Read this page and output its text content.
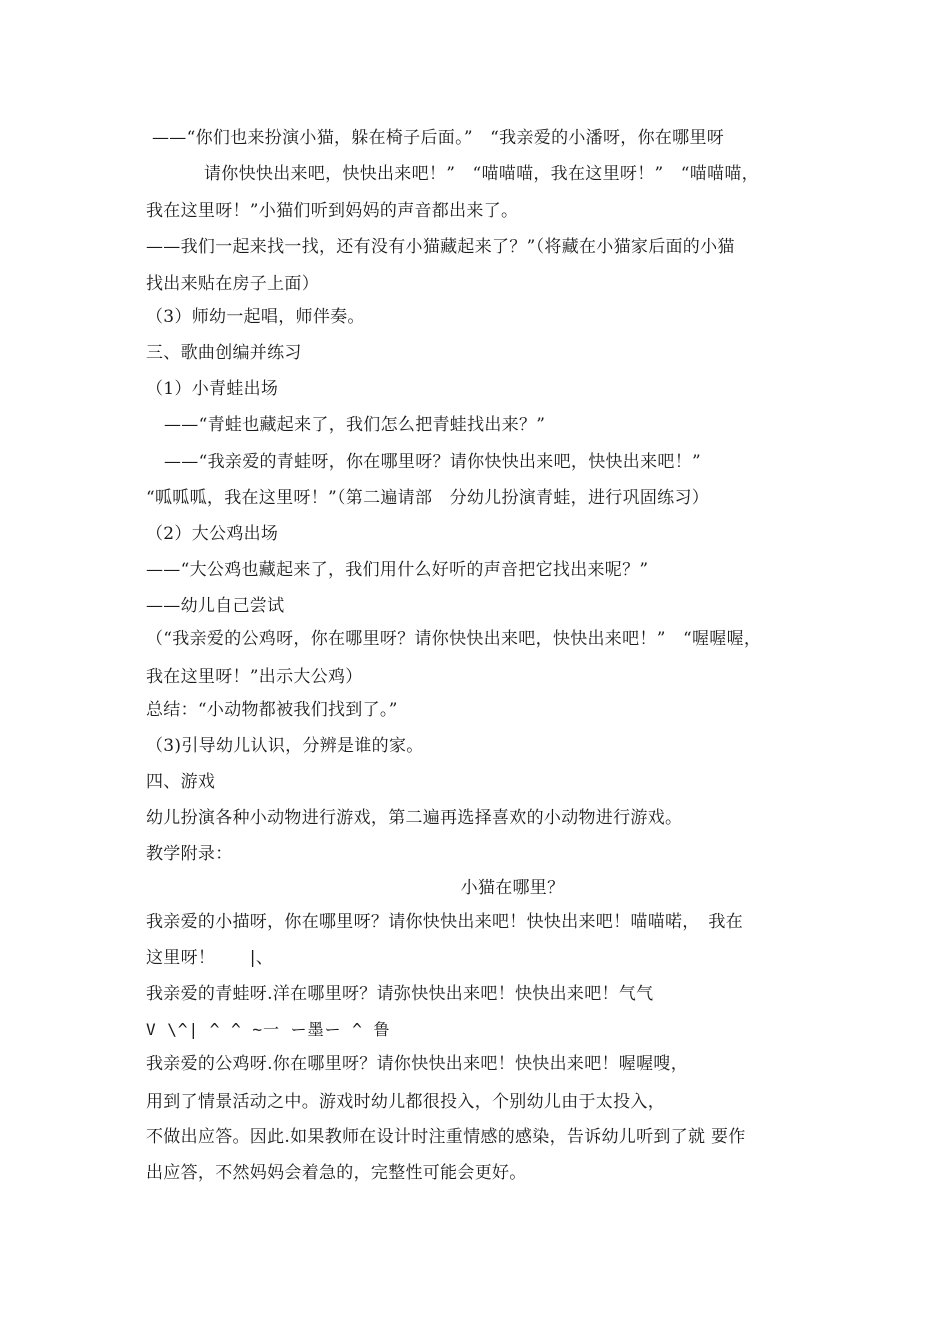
——“你们也来扮演小猫，躲在椅子后面。”　“我亲爱的小潘呀，你在哪里呀
请你快快出来吧，快快出来吧！”　“喵喵喵，我在这里呀！”　“喵喵喵，
我在这里呀！”小猫们听到妈妈的声音都出来了。
——我们一起来找一找，还有没有小猫藏起来了？”（将藏在小猫家后面的小猫
找出来贴在房子上面）
（3）师幼一起唱，师伴奏。
三、歌曲创编并练习
（1）小青蛙出场
——“青蛙也藏起来了，我们怎么把青蛙找出来？”
——“我亲爱的青蛙呀，你在哪里呀？请你快快出来吧，快快出来吧！”
“呱呱呱，我在这里呀！”（第二遍请部　分幼儿扮演青蛙，进行巩固练习）
（2）大公鸡出场
——“大公鸡也藏起来了，我们用什么好听的声音把它找出来呢？”
——幼儿自己尝试
（“我亲爱的公鸡呀，你在哪里呀？请你快快出来吧，快快出来吧！”　“喔喔喔，
我在这里呀！”出示大公鸡）
总结：“小动物都被我们找到了。”
（3)引导幼儿认识，分辨是谁的家。
四、游戏
幼儿扮演各种小动物进行游戏，第二遍再选择喜欢的小动物进行游戏。
教学附录：
小猫在哪里？
我亲爱的小描呀，你在哪里呀？请你快快出来吧！快快出来吧！喵喵喏，　我在
这里呀！　　|、
我亲爱的青蛙呀.洋在哪里呀？请弥快快出来吧！快快出来吧！气气
V \^| ^ ^ ~一 ー墨ー ^ 鲁
我亲爱的公鸡呀.你在哪里呀？请你快快出来吧！快快出来吧！喔喔嗖，
用到了情景活动之中。游戏时幼儿都很投入，个别幼儿由于太投入，
不做出应答。因此.如果教师在设计时注重情感的感染，告诉幼儿听到了就 要作
出应答，不然妈妈会着急的，完整性可能会更好。
